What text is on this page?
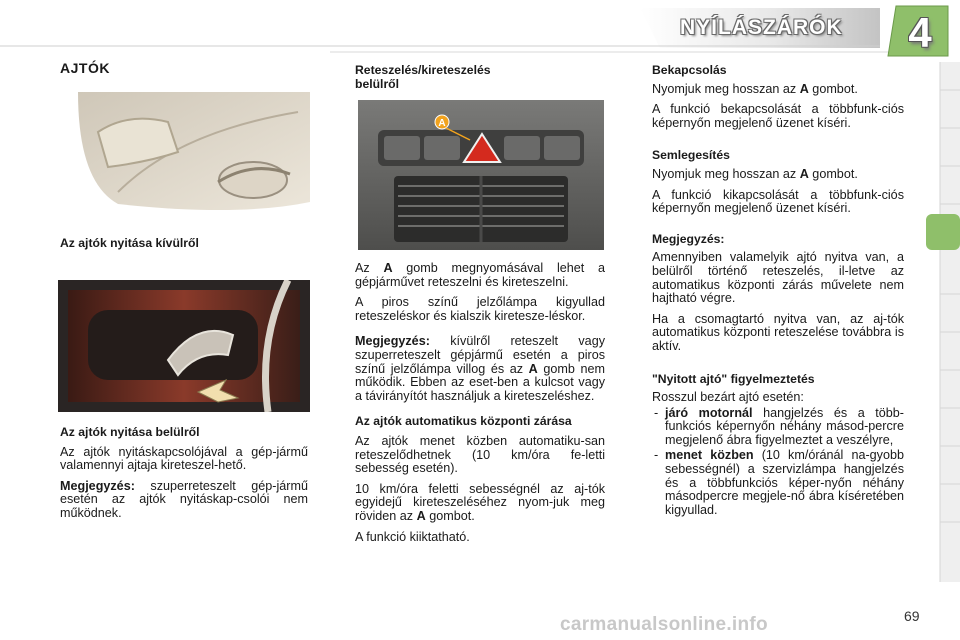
NYÍLÁSZÁRÓK	4
AJTÓK
Az ajtók nyitása kívülről

Az ajtók nyitása belülről

Az ajtók nyitáskapcsolójával a gép-jármű valamennyi ajtaja kireteszel-hető.

Megjegyzés: szuperreteszelt gép-jármű esetén az ajtók nyitáskap-csolói nem működnek.

Reteszelés/kireteszelés belülről
A

Az A gomb megnyomásával lehet a gépjárművet reteszelni és kireteszelni.

A piros színű jelzőlámpa kigyullad reteszeléskor és kialszik kiretesze-léskor.

Megjegyzés: kívülről reteszelt vagy szuperreteszelt gépjármű esetén a piros színű jelzőlámpa villog és az A gomb nem működik. Ebben az eset-ben a kulcsot vagy a távirányítót használjuk a kireteszeléshez.

Az ajtók automatikus központi zárása

Az ajtók menet közben automatiku-san reteszelődhetnek (10 km/óra fe-letti sebesség esetén).

10 km/óra feletti sebességnél az aj-tók egyidejű kireteszeléséhez nyom-juk meg röviden az A gombot.

A funkció kiiktatható.

Bekapcsolás

Nyomjuk meg hosszan az A gombot.

A funkció bekapcsolását a többfunk-ciós képernyőn megjelenő üzenet kíséri.

Semlegesítés

Nyomjuk meg hosszan az A gombot.

A funkció kikapcsolását a többfunk-ciós képernyőn megjelenő üzenet kíséri.

Megjegyzés:

Amennyiben valamelyik ajtó nyitva van, a belülről történő reteszelés, il-letve az automatikus központi zárás művelete nem hajtható végre.

Ha a csomagtartó nyitva van, az aj-tók automatikus központi reteszelése továbbra is aktív.

"Nyitott ajtó" figyelmeztetés

Rosszul bezárt ajtó esetén:

- járó motornál hangjelzés és a több-funkciós képernyőn néhány másod-percre megjelenő ábra figyelmeztet a veszélyre,
- menet közben (10 km/óránál na-gyobb sebességnél) a szervizlámpa hangjelzés és a többfunkciós képer-nyőn néhány másodpercre megjele-nő ábra kíséretében kigyullad.
carmanualsonline.info	69
